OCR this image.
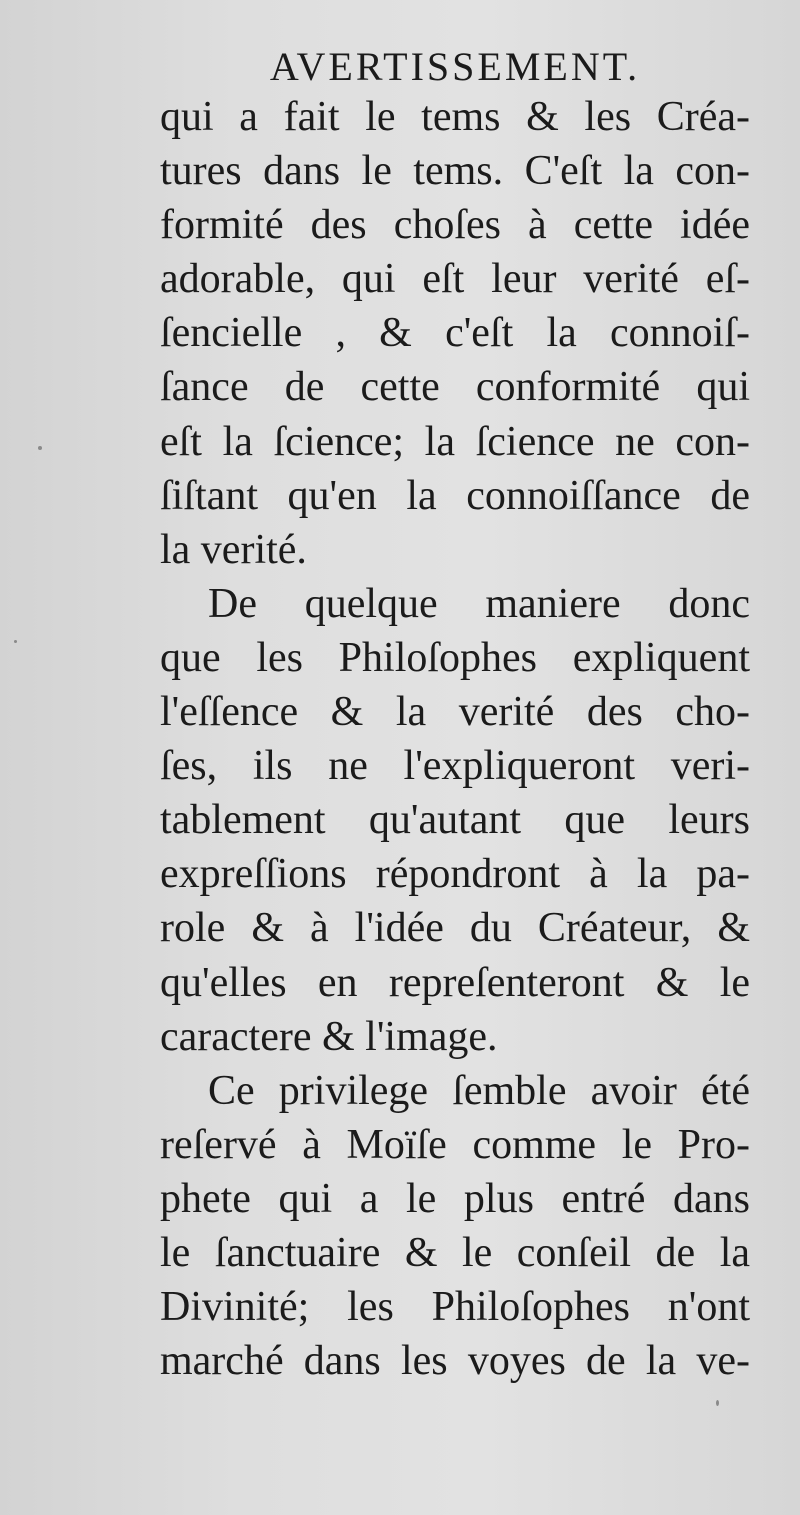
AVERTISSEMENT.
qui a fait le tems & les Créa-
tures dans le tems. C'eſt la con-
formité des choſes à cette idée
adorable, qui eſt leur verité eſ-
ſencielle , & c'eſt la connoiſ-
ſance de cette conformité qui
eſt la ſcience; la ſcience ne con-
ſiſtant qu'en la connoiſſance de
la verité.
De quelque maniere donc
que les Philoſophes expliquent
l'eſſence & la verité des cho-
ſes, ils ne l'expliqueront veri-
tablement qu'autant que leurs
expreſſions répondront à la pa-
role & à l'idée du Créateur, &
qu'elles en repreſenteront & le
caractere & l'image.
Ce privilege ſemble avoir été
reſervé à Moïſe comme le Pro-
phete qui a le plus entré dans
le ſanctuaire & le conſeil de la
Divinité; les Philoſophes n'ont
marché dans les voyes de la ve-
